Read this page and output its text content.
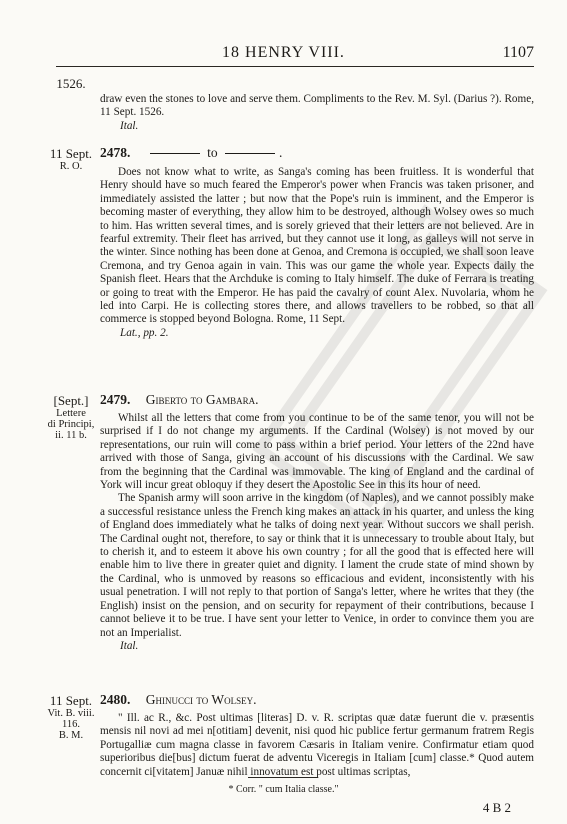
18 HENRY VIII.	1107
1526.

draw even the stones to love and serve them. Compliments to the Rev. M. Syl. (Darius ?). Rome, 11 Sept. 1526.

Ital.
11 Sept.
R. O.
2478.	to	.

Does not know what to write, as Sanga's coming has been fruitless. It is wonderful that Henry should have so much feared the Emperor's power when Francis was taken prisoner, and immediately assisted the latter ; but now that the Pope's ruin is imminent, and the Emperor is becoming master of everything, they allow him to be destroyed, although Wolsey owes so much to him. Has written several times, and is sorely grieved that their letters are not believed. Are in fearful extremity. Their fleet has arrived, but they cannot use it long, as galleys will not serve in the winter. Since nothing has been done at Genoa, and Cremona is occupied, we shall soon leave Cremona, and try Genoa again in vain. This was our game the whole year. Expects daily the Spanish fleet. Hears that the Archduke is coming to Italy himself. The duke of Ferrara is treating or going to treat with the Emperor. He has paid the cavalry of count Alex. Nuvolaria, whom he led into Carpi. He is collecting stores there, and allows travellers to be robbed, so that all commerce is stopped beyond Bologna. Rome, 11 Sept.

Lat., pp. 2.
[Sept.]
Lettere
di Principi,
ii. 11 b.
2479. Giberto to Gambara.

Whilst all the letters that come from you continue to be of the same tenor, you will not be surprised if I do not change my arguments. If the Cardinal (Wolsey) is not moved by our representations, our ruin will come to pass within a brief period. Your letters of the 22nd have arrived with those of Sanga, giving an account of his discussions with the Cardinal. We saw from the beginning that the Cardinal was immovable. The king of England and the cardinal of York will incur great obloquy if they desert the Apostolic See in this its hour of need.

The Spanish army will soon arrive in the kingdom (of Naples), and we cannot possibly make a successful resistance unless the French king makes an attack in his quarter, and unless the king of England does immediately what he talks of doing next year. Without succors we shall perish. The Cardinal ought not, therefore, to say or think that it is unnecessary to trouble about Italy, but to cherish it, and to esteem it above his own country ; for all the good that is effected here will enable him to live there in greater quiet and dignity. I lament the crude state of mind shown by the Cardinal, who is unmoved by reasons so efficacious and evident, inconsistently with his usual penetration. I will not reply to that portion of Sanga's letter, where he writes that they (the English) insist on the pension, and on security for repayment of their contributions, because I cannot believe it to be true. I have sent your letter to Venice, in order to convince them you are not an Imperialist.

Ital.
11 Sept.
Vit. B. viii.
116.
B. M.
2480. Ghinucci to Wolsey.

" Ill. ac R., &c. Post ultimas [literas] D. v. R. scriptas quæ datæ fuerunt die v. præsentis mensis nil novi ad mei n[otitiam] devenit, nisi quod hic publice fertur germanum fratrem Regis Portugalliæ cum magna classe in favorem Cæsaris in Italiam venire. Confirmatur etiam quod superioribus die[bus] dictum fuerat de adventu Viceregis in Italiam [cum] classe.* Quod autem concernit ci[vitatem] Januæ nihil innovatum est post ultimas scriptas,

* Corr. " cum Italia classe."
4 B 2
